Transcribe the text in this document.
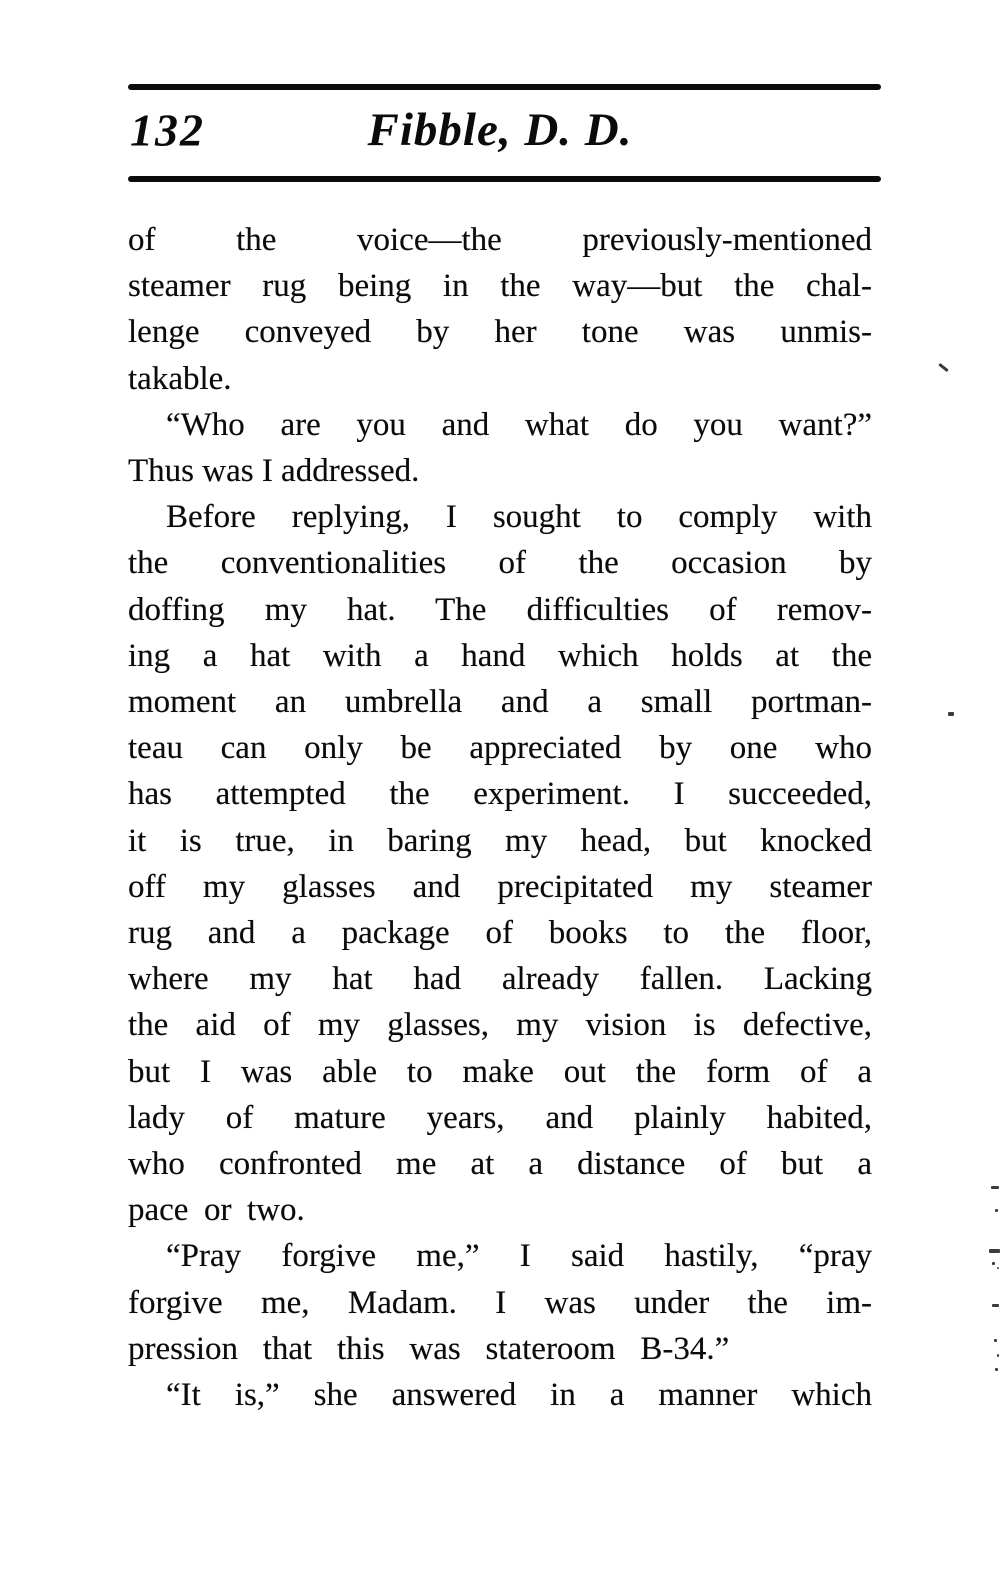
132	Fibble, D. D.
of the voice—the previously-mentioned
steamer rug being in the way—but the chal-
lenge conveyed by her tone was unmis-
takable.
“Who are you and what do you want?”
Thus was I addressed.
Before replying, I sought to comply with
the conventionalities of the occasion by
doffing my hat. The difficulties of remov-
ing a hat with a hand which holds at the
moment an umbrella and a small portman-
teau can only be appreciated by one who
has attempted the experiment. I succeeded,
it is true, in baring my head, but knocked
off my glasses and precipitated my steamer
rug and a package of books to the floor,
where my hat had already fallen. Lacking
the aid of my glasses, my vision is defective,
but I was able to make out the form of a
lady of mature years, and plainly habited,
who confronted me at a distance of but a
pace or two.
“Pray forgive me,” I said hastily, “pray
forgive me, Madam. I was under the im-
pression that this was stateroom B-34.”
“It is,” she answered in a manner which
